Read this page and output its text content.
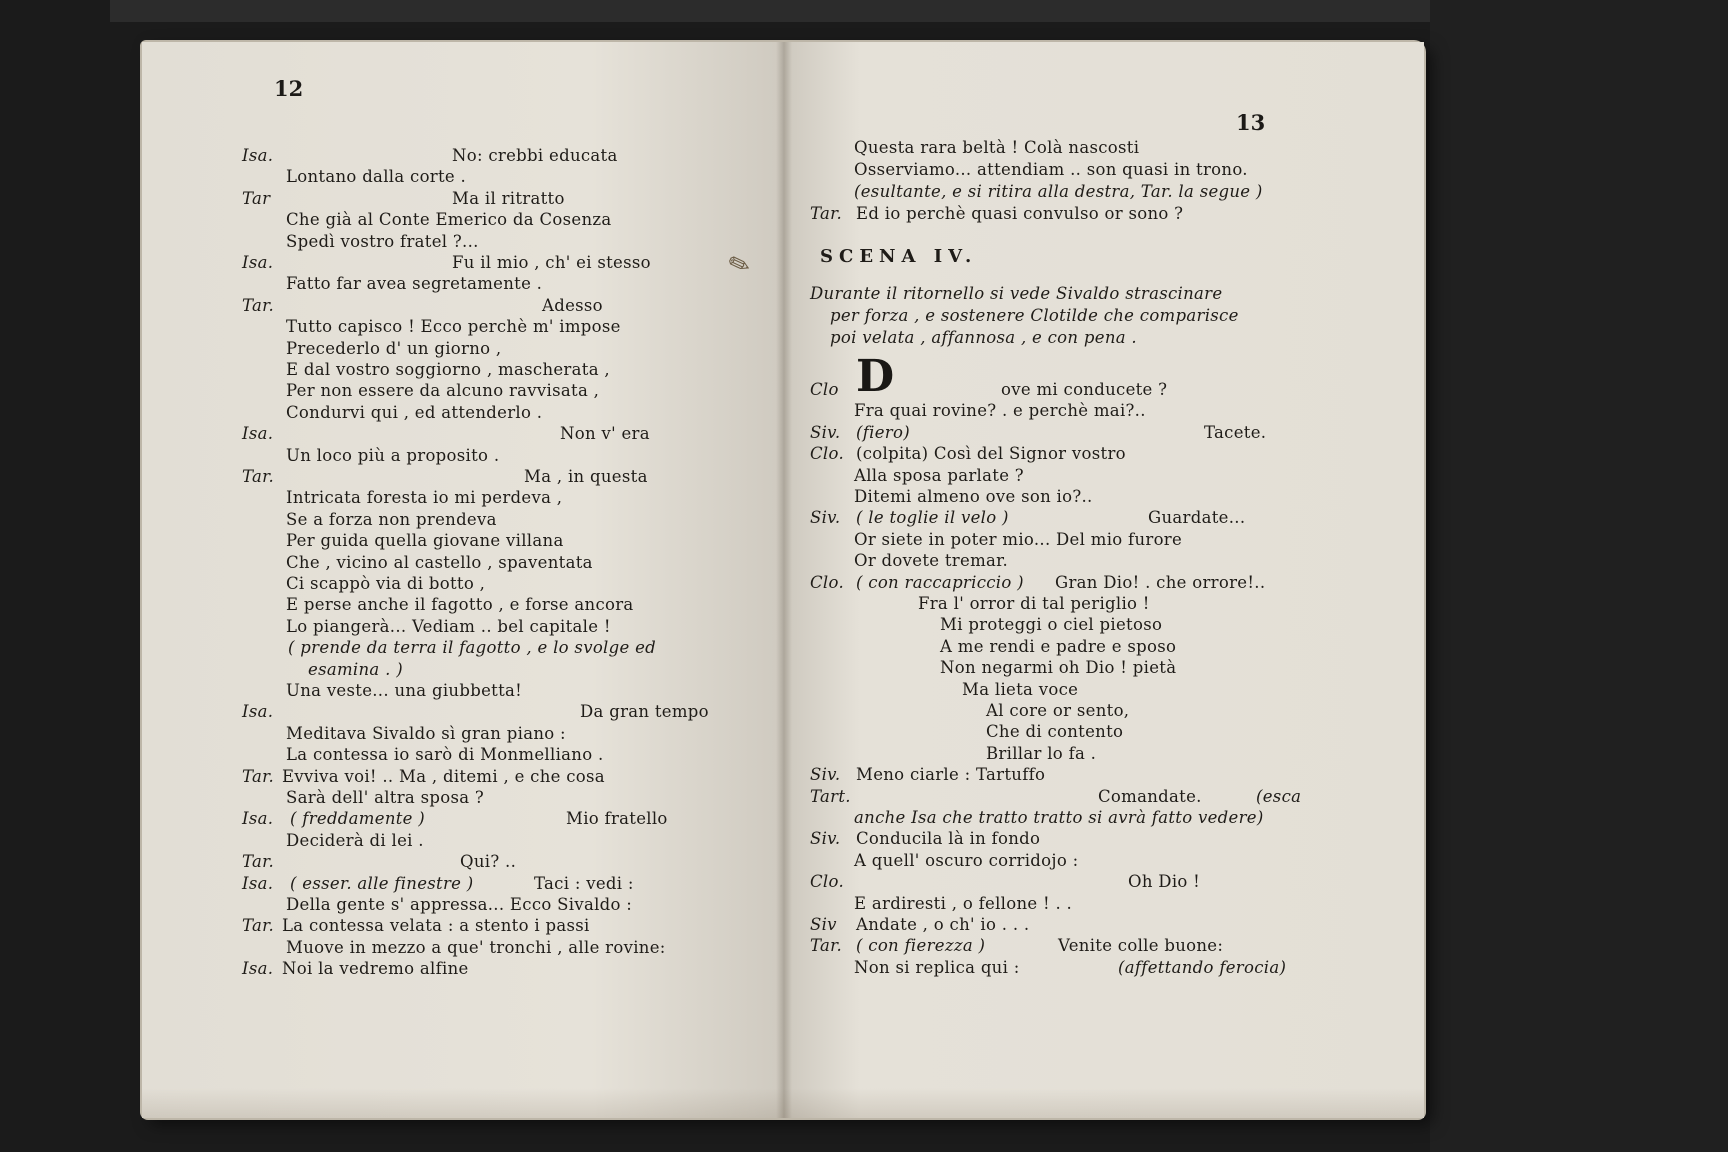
12
13
Isa.	No: crebbi educata
Lontano dalla corte .
Tar	Ma il ritratto
Che già al Conte Emerico da Cosenza
Spedì vostro fratel ?...
Isa.	Fu il mio , ch' ei stesso
Fatto far avea segretamente .
Tar.	Adesso
Tutto capisco ! Ecco perchè m' impose
Precederlo d' un giorno ,
E dal vostro soggiorno , mascherata ,
Per non essere da alcuno ravvisata ,
Condurvi qui , ed attenderlo .
Isa.	Non v' era
Un loco più a proposito .
Tar.	Ma , in questa
Intricata foresta io mi perdeva ,
Se a forza non prendeva
Per guida quella giovane villana
Che , vicino al castello , spaventata
Ci scappò via di botto ,
E perse anche il fagotto , e forse ancora
Lo piangerà... Vediam .. bel capitale !
( prende da terra il fagotto , e lo svolge ed
esamina . )
Una veste... una giubbetta!
Isa.	Da gran tempo
Meditava Sivaldo sì gran piano :
La contessa io sarò di Monmelliano .
Tar. Evviva voi! .. Ma , ditemi , e che cosa
Sarà dell' altra sposa ?
Isa. ( freddamente )	Mio fratello
Deciderà di lei .
Tar.	Qui? ..
Isa. ( esser. alle finestre )	Taci : vedi :
Della gente s' appressa... Ecco Sivaldo :
Tar. La contessa velata : a stento i passi
Muove in mezzo a que' tronchi , alle rovine:
Isa. Noi la vedremo alfine
Clo	ove mi conducete ?
Fra quai rovine? . e perchè mai?..
Siv. (fiero)	Tacete.
Clo. (colpita) Così del Signor vostro
Alla sposa parlate ?
Ditemi almeno ove son io?..
Siv. ( le toglie il velo )	Guardate...
Or siete in poter mio... Del mio furore
Or dovete tremar.
Clo. ( con raccapriccio ) Gran Dio! . che orrore!..
Fra l' orror di tal periglio !
Mi proteggi o ciel pietoso
A me rendi e padre e sposo
Non negarmi oh Dio ! pietà
Ma lieta voce
Al core or sento,
Che di contento
Brillar lo fa .
Siv. Meno ciarle : Tartuffo
Tart.	Comandate.	(esca
anche Isa che tratto tratto si avrà fatto vedere)
Siv. Conducila là in fondo
A quell' oscuro corridojo :
Clo.	Oh Dio !
E ardiresti , o fellone ! . .
Siv Andate , o ch' io . . .
Tar. ( con fierezza )	Venite colle buone:
Non si replica qui :	(affettando ferocia)
Questa rara beltà ! Colà nascosti
Osserviamo... attendiam .. son quasi in trono.
(esultante, e si ritira alla destra, Tar. la segue )
Tar. Ed io perchè quasi convulso or sono ?
SCENA IV.
Durante il ritornello si vede Sivaldo strascinare
per forza , e sostenere Clotilde che comparisce
poi velata , affannosa , e con pena .
D
✎
